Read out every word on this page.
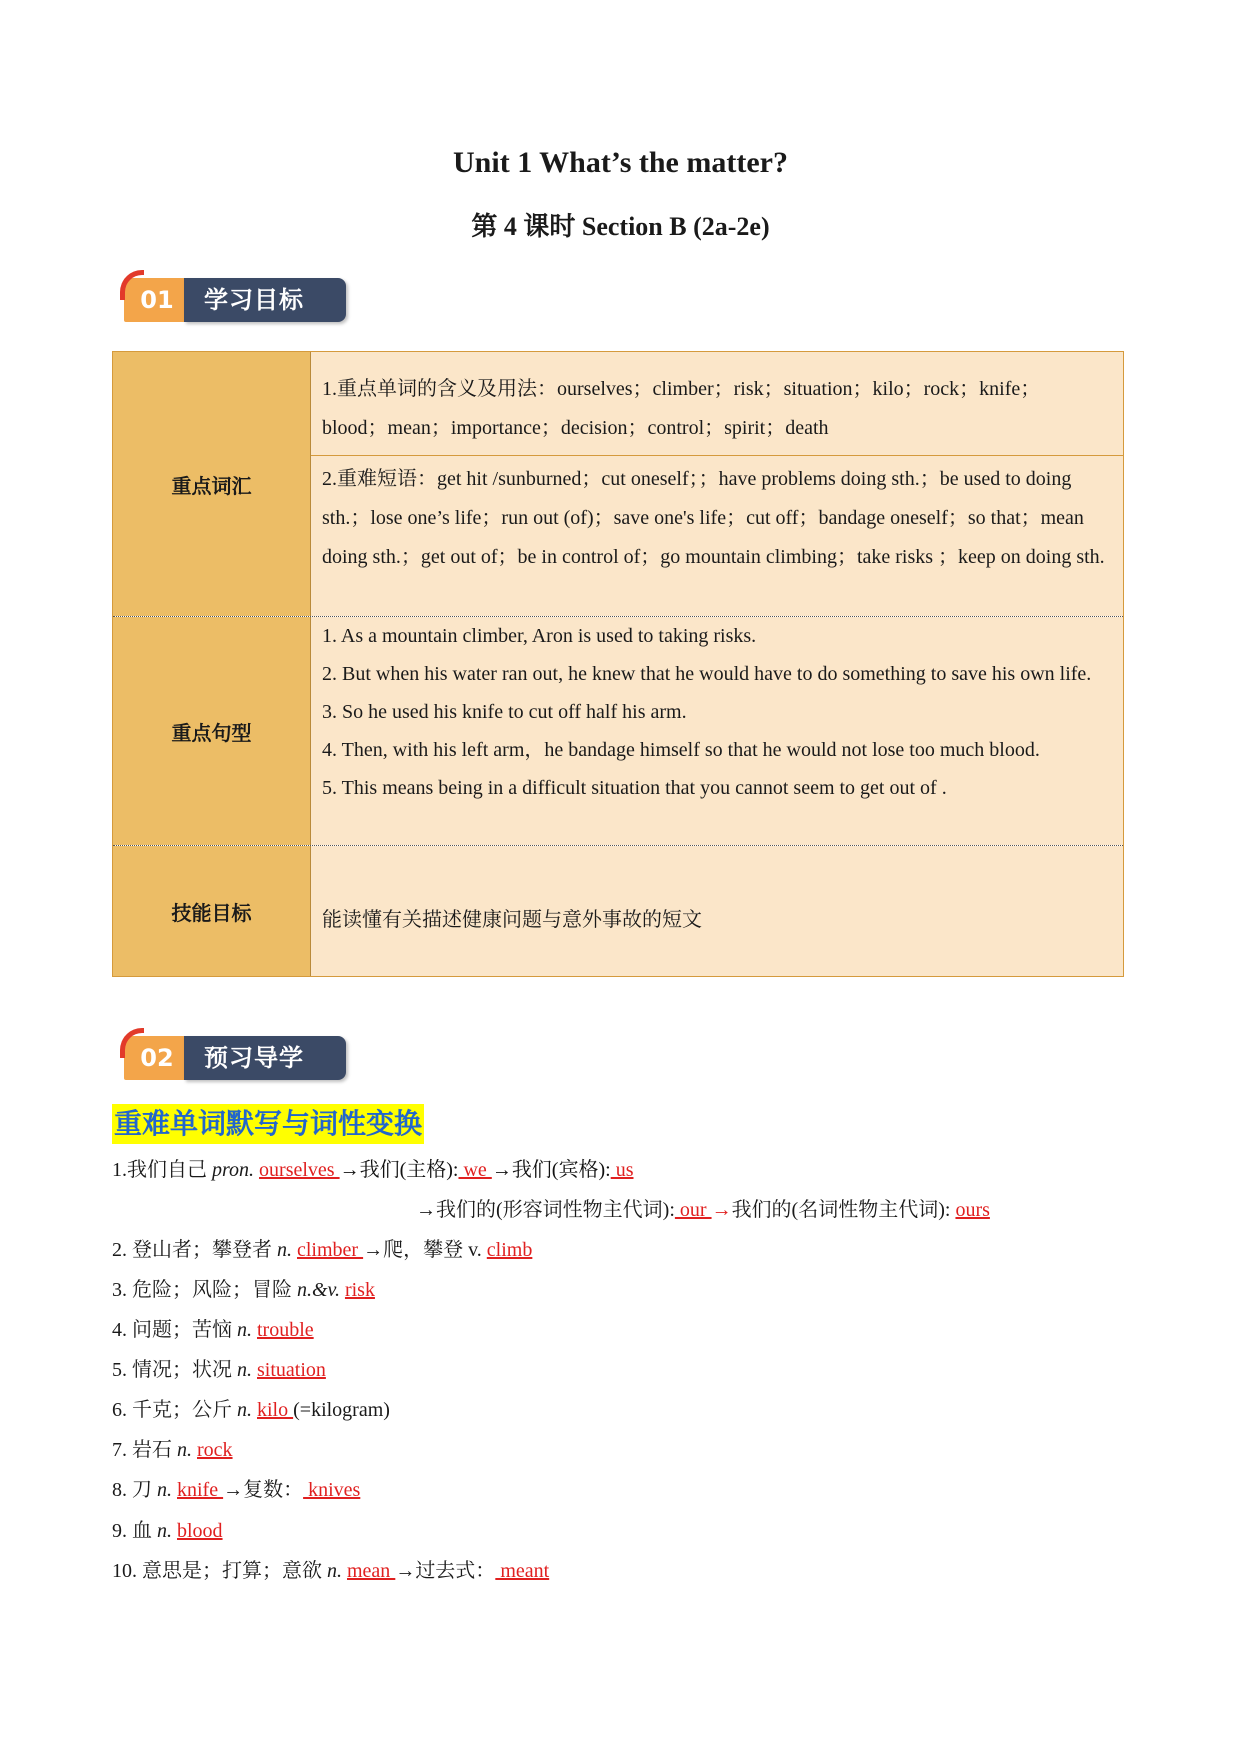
Unit 1 What’s the matter?
第 4 课时 Section B (2a-2e)
01	学习目标
重点词汇
1.重点单词的含义及用法：ourselves；climber；risk；situation；kilo；rock；knife；blood；mean；importance；decision；control；spirit；death
2.重难短语：get hit /sunburned；cut oneself；；have problems doing sth.；be used to doing sth.；lose one’s life；run out (of)；save one's life；cut off；bandage oneself；so that；mean doing sth.；get out of；be in control of；go mountain climbing；take risks ；keep on doing sth.
重点句型
1. As a mountain climber, Aron is used to taking risks.
2. But when his water ran out, he knew that he would have to do something to save his own life.
3. So he used his knife to cut off half his arm.
4. Then, with his left arm，he bandage himself so that he would not lose too much blood.
5. This means being in a difficult situation that you cannot seem to get out of .
技能目标	能读懂有关描述健康问题与意外事故的短文
02	预习导学
重难单词默写与词性变换
1.我们自己 pron. ourselves →我们(主格): we →我们(宾格): us
→我们的(形容词性物主代词): our →我们的(名词性物主代词): ours
2. 登山者；攀登者 n. climber →爬，攀登 v. climb
3. 危险；风险；冒险 n.&v. risk
4. 问题；苦恼 n. trouble
5. 情况；状况 n. situation
6. 千克；公斤 n. kilo (=kilogram)
7. 岩石 n. rock
8. 刀 n. knife →复数： knives
9. 血 n. blood
10. 意思是；打算；意欲 n. mean →过去式： meant
